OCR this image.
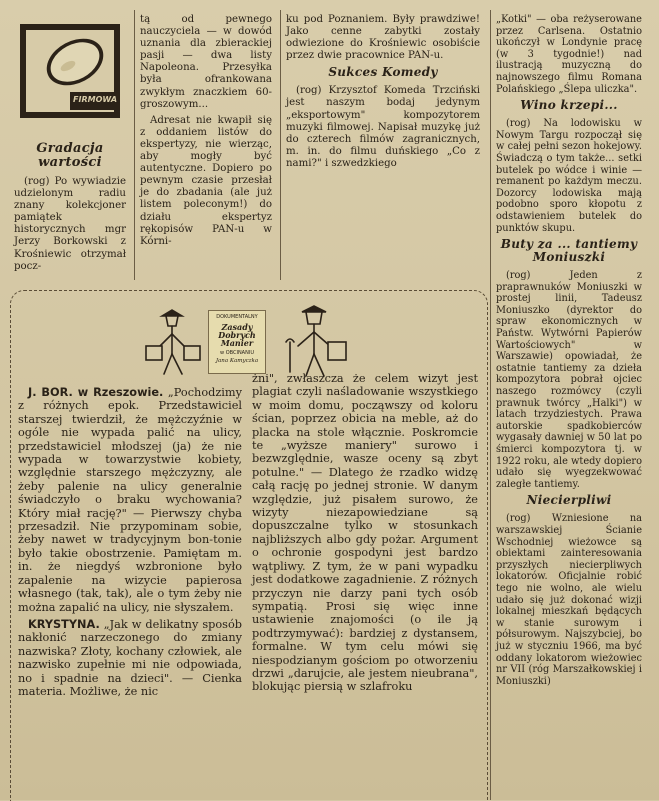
FIRMOWA
Gradacja wartości

(rog) Po wywiadzie udzielonym radiu znany kolekcjoner pamiątek historycznych mgr Jerzy Borkowski z Krośniewic otrzymał pocz-

tą od pewnego nauczyciela — w dowód uznania dla zbierackiej pasji — dwa listy Napoleona. Przesyłka była ofrankowana zwykłym znaczkiem 60-groszowym...

Adresat nie kwapił się z oddaniem listów do ekspertyzy, nie wierząc, aby mogły być autentyczne. Dopiero po pewnym czasie przesłał je do zbadania (ale już listem poleconym!) do działu ekspertyz rękopisów PAN-u w Kórni-

ku pod Poznaniem. Były prawdziwe! Jako cenne zabytki zostały odwiezione do Krośniewic osobiście przez dwie pracownice PAN-u.

Sukces Komedy

(rog) Krzysztof Komeda Trzciński jest naszym bodaj jedynym „eksportowym" kompozytorem muzyki filmowej. Napisał muzykę już do czterech filmów zagranicznych, m. in. do filmu duńskiego „Co z nami?" i szwedzkiego

„Kotki" — oba reżyserowane przez Carlsena. Ostatnio ukończył w Londynie pracę (w 3 tygodnie!) nad ilustracją muzyczną do najnowszego filmu Romana Polańskiego „Ślepa uliczka".

Wino krzepi...

(rog) Na lodowisku w Nowym Targu rozpoczął się w całej pełni sezon hokejowy. Świadczą o tym także... setki butelek po wódce i winie — remanent po każdym meczu. Dozorcy lodowiska mają podobno sporo kłopotu z odstawieniem butelek do punktów skupu.

Buty za ... tantiemy Moniuszki

(rog) Jeden z praprawnuków Moniuszki w prostej linii, Tadeusz Moniuszko (dyrektor do spraw ekonomicznych w Państw. Wytwórni Papierów Wartościowych" w Warszawie) opowiadał, że ostatnie tantiemy za dzieła kompozytora pobrał ojciec naszego rozmówcy (czyli prawnuk twórcy „Halki") w latach trzydziestych. Prawa autorskie spadkobierców wygasały dawniej w 50 lat po śmierci kompozytora tj. w 1922 roku, ale wtedy dopiero udało się wyegzekwować zaległe tantiemy.

Niecierpliwi

(rog) Wzniesione na warszawskiej Ścianie Wschodniej wieżowce są obiektami zainteresowania przyszłych niecierpliwych lokatorów. Oficjalnie robić tego nie wolno, ale wielu udało się już dokonać wizji lokalnej mieszkań będących w stanie surowym i półsurowym. Najszybciej, bo już w styczniu 1966, ma być oddany lokatorom wieżowiec nr VII (róg Marszałkowskiej i Moniuszki)

DOKUMENTALNY
Zasady Dobrych Manier
w OBCINANIU
Jana Kamyczka

J. BOR. w Rzeszowie. „Pochodzimy z różnych epok. Przedstawiciel starszej twierdził, że mężczyźnie w ogóle nie wypada palić na ulicy, przedstawiciel młodszej (ja) że nie wypada w towarzystwie kobiety, względnie starszego mężczyzny, ale żeby palenie na ulicy generalnie świadczyło o braku wychowania? Który miał rację?" — Pierwszy chyba przesadził. Nie przypominam sobie, żeby nawet w tradycyjnym bon-tonie było takie obostrzenie. Pamiętam m. in. że niegdyś wzbronione było zapalenie na wizycie papierosa własnego (tak, tak), ale o tym żeby nie można zapalić na ulicy, nie słyszałem.

KRYSTYNA. „Jak w delikatny sposób nakłonić narzeczonego do zmiany nazwiska? Złoty, kochany człowiek, ale nazwisko zupełnie mi nie odpowiada, no i spadnie na dzieci". — Cienka materia. Możliwe, że nic

żni", zwłaszcza że celem wizyt jest plagiat czyli naśladowanie wszystkiego w moim domu, począwszy od koloru ścian, poprzez obicia na meble, aż do placka na stole włącznie. Poskromcie te „wyższe maniery" surowo i bezwzględnie, wasze oceny są zbyt potulne." — Dlatego że rzadko widzę całą rację po jednej stronie. W danym względzie, już pisałem surowo, że wizyty niezapowiedziane są dopuszczalne tylko w stosunkach najbliższych albo gdy pożar. Argument o ochronie gospodyni jest bardzo wątpliwy. Z tym, że w pani wypadku jest dodatkowe zagadnienie. Z różnych przyczyn nie darzy pani tych osób sympatią. Prosi się więc inne ustawienie znajomości (o ile ją podtrzymywać): bardziej z dystansem, formalne. W tym celu mówi się niespodzianym gościom po otworzeniu drzwi „darujcie, ale jestem nieubrana", blokując piersią w szlafroku
